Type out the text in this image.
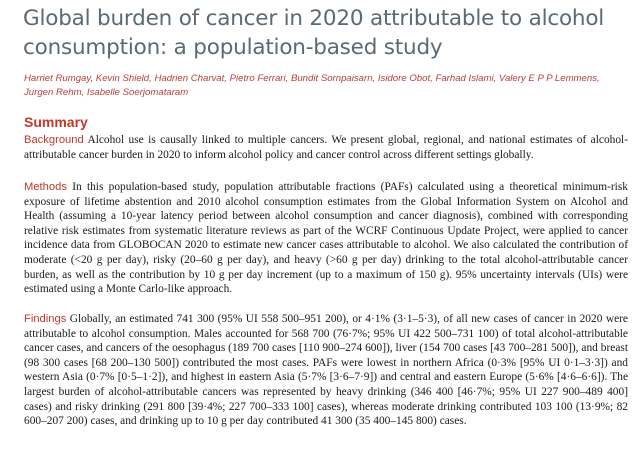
Global burden of cancer in 2020 attributable to alcohol consumption: a population-based study

Harriet Rumgay, Kevin Shield, Hadrien Charvat, Pietro Ferrari, Bundit Sornpaisarn, Isidore Obot, Farhad Islami, Valery E P P Lemmens, Jurgen Rehm, Isabelle Soerjomataram

Summary

Background Alcohol use is causally linked to multiple cancers. We present global, regional, and national estimates of alcohol-attributable cancer burden in 2020 to inform alcohol policy and cancer control across different settings globally.

Methods In this population-based study, population attributable fractions (PAFs) calculated using a theoretical minimum-risk exposure of lifetime abstention and 2010 alcohol consumption estimates from the Global Information System on Alcohol and Health (assuming a 10-year latency period between alcohol consumption and cancer diagnosis), combined with corresponding relative risk estimates from systematic literature reviews as part of the WCRF Continuous Update Project, were applied to cancer incidence data from GLOBOCAN 2020 to estimate new cancer cases attributable to alcohol. We also calculated the contribution of moderate (<20 g per day), risky (20–60 g per day), and heavy (>60 g per day) drinking to the total alcohol-attributable cancer burden, as well as the contribution by 10 g per day increment (up to a maximum of 150 g). 95% uncertainty intervals (UIs) were estimated using a Monte Carlo-like approach.

Findings Globally, an estimated 741 300 (95% UI 558 500–951 200), or 4·1% (3·1–5·3), of all new cases of cancer in 2020 were attributable to alcohol consumption. Males accounted for 568 700 (76·7%; 95% UI 422 500–731 100) of total alcohol-attributable cancer cases, and cancers of the oesophagus (189 700 cases [110 900–274 600]), liver (154 700 cases [43 700–281 500]), and breast (98 300 cases [68 200–130 500]) contributed the most cases. PAFs were lowest in northern Africa (0·3% [95% UI 0·1–3·3]) and western Asia (0·7% [0·5–1·2]), and highest in eastern Asia (5·7% [3·6–7·9]) and central and eastern Europe (5·6% [4·6–6·6]). The largest burden of alcohol-attributable cancers was represented by heavy drinking (346 400 [46·7%; 95% UI 227 900–489 400] cases) and risky drinking (291 800 [39·4%; 227 700–333 100] cases), whereas moderate drinking contributed 103 100 (13·9%; 82 600–207 200) cases, and drinking up to 10 g per day contributed 41 300 (35 400–145 800) cases.
